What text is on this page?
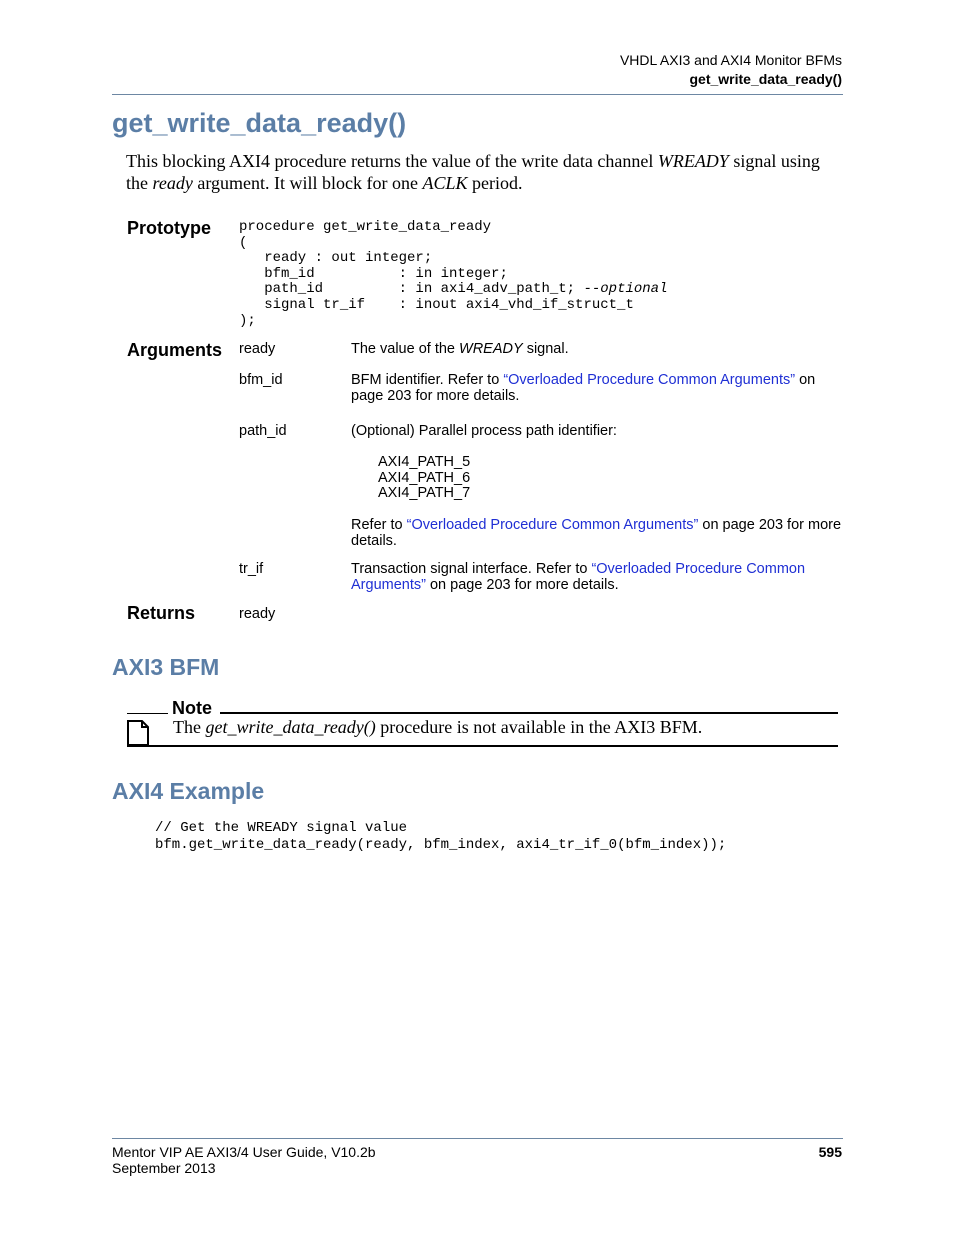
VHDL AXI3 and AXI4 Monitor BFMs
get_write_data_ready()
get_write_data_ready()
This blocking AXI4 procedure returns the value of the write data channel WREADY signal using the ready argument. It will block for one ACLK period.
Prototype procedure get_write_data_ready
(
ready : out integer;
bfm_id          : in integer;
path_id         : in axi4_adv_path_t; --optional
signal tr_if    : inout axi4_vhd_if_struct_t
);
Arguments ready	The value of the WREADY signal.
bfm_id	BFM identifier. Refer to “Overloaded Procedure Common Arguments” on page 203 for more details.
path_id	(Optional) Parallel process path identifier:
AXI4_PATH_5
AXI4_PATH_6
AXI4_PATH_7
Refer to “Overloaded Procedure Common Arguments” on page 203 for more details.
tr_if	Transaction signal interface. Refer to “Overloaded Procedure Common Arguments” on page 203 for more details.
Returns	ready
AXI3 BFM
Note
The get_write_data_ready() procedure is not available in the AXI3 BFM.
AXI4 Example
// Get the WREADY signal value
bfm.get_write_data_ready(ready, bfm_index, axi4_tr_if_0(bfm_index));
Mentor VIP AE AXI3/4 User Guide, V10.2b
September 2013
595
